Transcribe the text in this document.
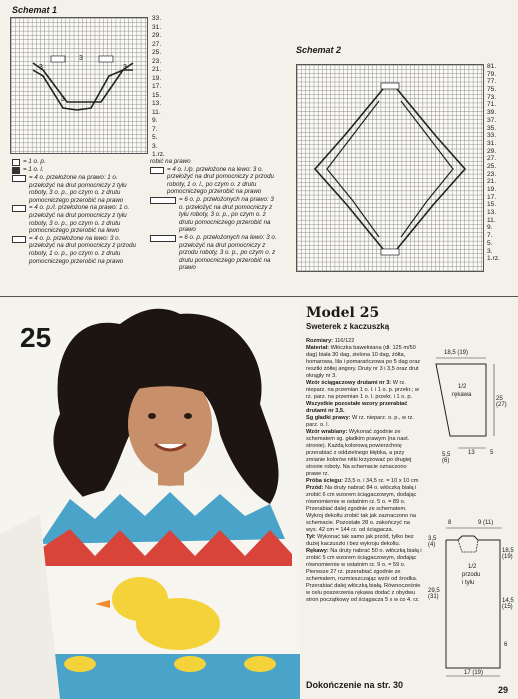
Schemat 1
3
3	3
3
33.
31.
29.
27.
25.
23.
21.
19.
17.
15.
13.
11.
9.
7.
5.
3.
1.rz.
= 1 o. p.
= 1 o. l.
= 4 o. przełożone na prawo: 1 o. przełożyć na drut pomocniczy z tyłu roboty, 3 o. p., po czym o. z drutu pomocniczego przerobić na prawo
= 4 o. p./l. przełożone na prawo: 1 o. przełożyć na drut pomocniczy z tyłu roboty, 3 o. p., po czym o. z drutu pomocniczego przerobić na lewo
= 4 o. p. przełożone na lewo: 3 o. przełożyć na drut pomocniczy z przodu roboty, 1 o. p., po czym o. z drutu pomocniczego przerobić na prawo
robić na prawo
= 4 o. l./p. przełożone na lewo: 3 o. przełożyć na drut pomocniczy z przodu roboty, 1 o. l., po czym o. z drutu pomocniczego przerobić na prawo
= 6 o. p. przełożonych na prawo: 3 o. przełożyć na drut pomocniczy z tyłu roboty, 3 o. p., po czym o. z drutu pomocniczego przerobić na prawo
= 6 o. p. przełożonych na lewo: 3 o. przełożyć na drut pomocniczy z przodu roboty, 3 o. p., po czym o. z drutu pomocniczego przerobić na prawo
Schemat 2
81.
79.
77.
75.
73.
71.
39.
37.
35.
33.
31.
29.
27.
25.
23.
21.
19.
17.
15.
13.
11.
9.
7.
5.
3.
1.rz.
25
Model 25
Sweterek z kaczuszką

Rozmiary: 116/122

Materiał: Włóczka bawełniana (dł. 125 m/50 dag) biała 30 dag, zielona 10 dag, żółta, homarowa, lila i pomarańczowa po 5 dag oraz resztki żółtej angory. Druty nr 3 i 3,5 oraz drut okrągły nr 3.

Wzór ściągaczowy drutami nr 3: W rz. nieparz. na przemian 1 o. l. i 1 o. p. przekr.; w rz. parz. na przemian 1 o. l. przekr. i 1 o. p.

Wszystkie pozostałe wzory przerabiać drutami nr 3,5.

Sg gładki prawy: W rz. nieparz. o. p., w rz. parz. o. l.

Wzór wrabiany: Wykonać zgodnie ze schematem sg. gładkim prawym (na nast. stronie). Każdą kolorową powierzchnię przerabiać z oddzielnego kłębka, a przy zmianie kolorów nitki krzyżować po drugiej stronie roboty. Na schemacie oznaczono prawe rz.

Próba ściegu: 23,5 o. i 34,5 rz. = 10 x 10 cm

Przód: Na druty nabrać 84 o. włóczką białą i zrobić 6 cm wzorem ściągaczowym, dodając równomiernie w ostatnim rz. 5 o. = 89 o. Przerabiać dalej zgodnie ze schematem. Wykroj dekoltu zrobić tak jak zaznaczono na schemacie. Pozostałe 28 o. zakończyć na wys. 42 cm = 144 rz. od ściągacza.

Tył: Wykonać tak samo jak przód, tylko bez dużej kaczuszki i bez wykroju dekoltu.

Rękawy: Na druty nabrać 50 o. włóczką białą i zrobić 5 cm wzorem ściągaczowym, dodając równomiernie w ostatnim rz. 9 o. = 59 o. Pierwsze 27 rz. przerabiać zgodnie ze schematem, rozmieszczając wzór od środka. Przerabiać dalej włóczką białą. Równocześnie w celu poszerzenia rękawa dodać z obydwu stron początkowy od ściągacza 5 x w co 4. rz.

Dokończenie na str. 30
18,5 (19)
1/2
rękawa
25 (27)
5,5 (6)
13	5
8	9 (11)
3,5 (4)
18,5 (19)
29,5 (31)
1/2
przodu
i tyłu
14,5 (15)
6
17 (19)
29
